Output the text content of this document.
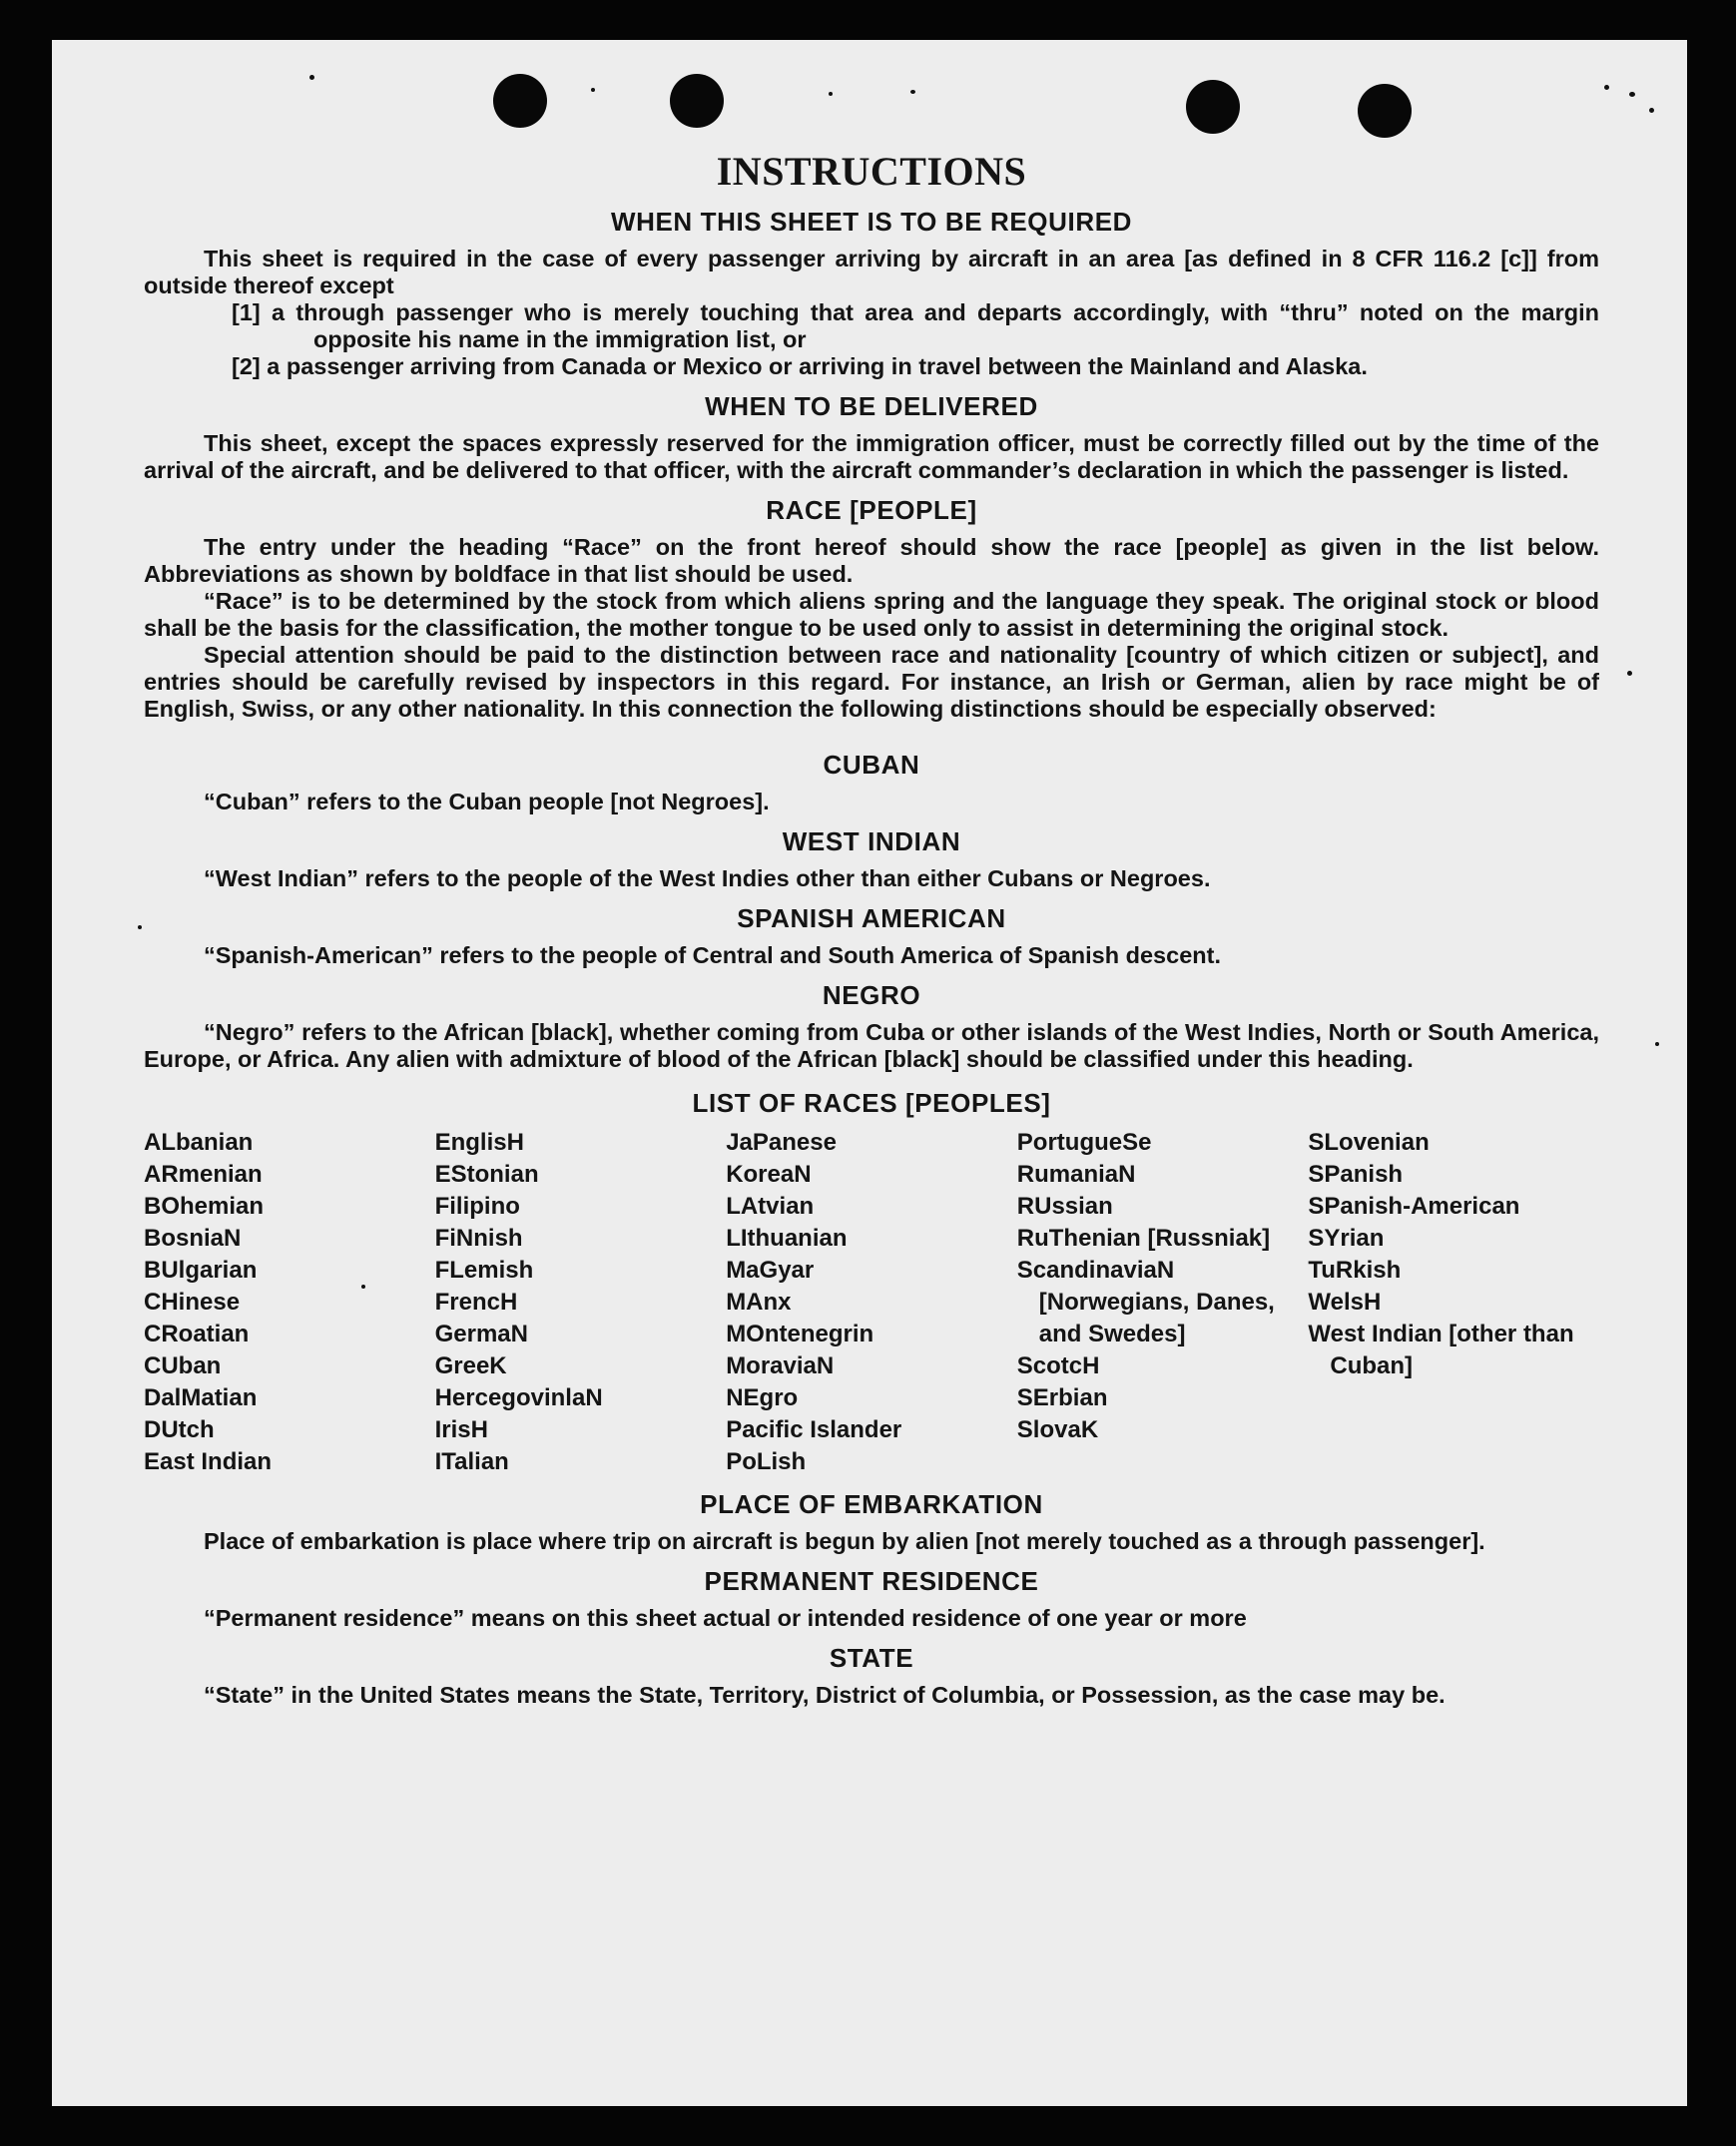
INSTRUCTIONS
WHEN THIS SHEET IS TO BE REQUIRED

This sheet is required in the case of every passenger arriving by aircraft in an area [as defined in 8 CFR 116.2 [c]] from outside thereof except

[1] a through passenger who is merely touching that area and departs accordingly, with “thru” noted on the margin opposite his name in the immigration list, or

[2] a passenger arriving from Canada or Mexico or arriving in travel between the Mainland and Alaska.

WHEN TO BE DELIVERED

This sheet, except the spaces expressly reserved for the immigration officer, must be correctly filled out by the time of the arrival of the aircraft, and be delivered to that officer, with the aircraft commander’s declaration in which the passenger is listed.

RACE [PEOPLE]

The entry under the heading “Race” on the front hereof should show the race [people] as given in the list below. Abbreviations as shown by boldface in that list should be used.

“Race” is to be determined by the stock from which aliens spring and the language they speak. The original stock or blood shall be the basis for the classification, the mother tongue to be used only to assist in determining the original stock.

Special attention should be paid to the distinction between race and nationality [country of which citizen or subject], and entries should be carefully revised by inspectors in this regard. For instance, an Irish or German, alien by race might be of English, Swiss, or any other nationality. In this connection the following distinctions should be especially observed:

CUBAN

“Cuban” refers to the Cuban people [not Negroes].

WEST INDIAN

“West Indian” refers to the people of the West Indies other than either Cubans or Negroes.

SPANISH AMERICAN

“Spanish-American” refers to the people of Central and South America of Spanish descent.

NEGRO

“Negro” refers to the African [black], whether coming from Cuba or other islands of the West Indies, North or South America, Europe, or Africa. Any alien with admixture of blood of the African [black] should be classified under this heading.

LIST OF RACES [PEOPLES]
ALbanian
ARmenian
BOhemian
BosniaN
BUlgarian
CHinese
CRoatian
CUban
DalMatian
DUtch
East Indian
EnglisH
EStonian
Filipino
FiNnish
FLemish
FrencH
GermaN
GreeK
HercegovinlaN
IrisH
ITalian
JaPanese
KoreaN
LAtvian
LIthuanian
MaGyar
MAnx
MOntenegrin
MoraviaN
NEgro
Pacific Islander
PoLish
PortugueSe
RumaniaN
RUssian
RuThenian [Russniak]
ScandinaviaN [Norwegians, Danes, and Swedes]
ScotcH
SErbian
SlovaK
SLovenian
SPanish
SPanish-American
SYrian
TuRkish
WelsH
West Indian [other than Cuban]
PLACE OF EMBARKATION

Place of embarkation is place where trip on aircraft is begun by alien [not merely touched as a through passenger].

PERMANENT RESIDENCE

“Permanent residence” means on this sheet actual or intended residence of one year or more

STATE

“State” in the United States means the State, Territory, District of Columbia, or Possession, as the case may be.
